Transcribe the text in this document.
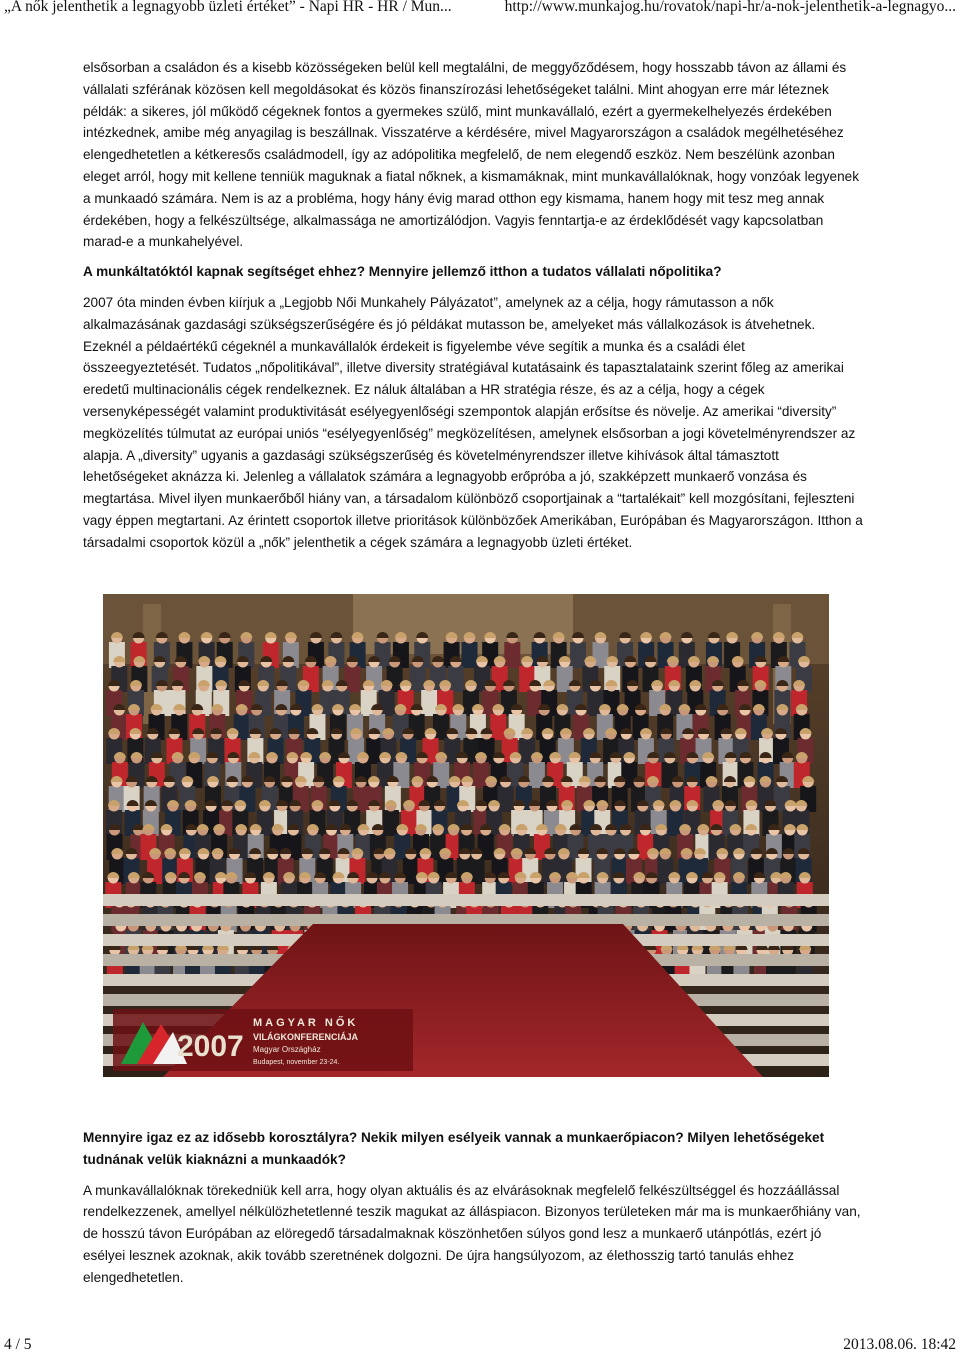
„A nők jelenthetik a legnagyobb üzleti értéket” - Napi HR - HR / Mun...	http://www.munkajog.hu/rovatok/napi-hr/a-nok-jelenthetik-a-legnagyo...

elsősorban a családon és a kisebb közösségeken belül kell megtalálni, de meggyőződésem, hogy hosszabb távon az állami és vállalati szférának közösen kell megoldásokat és közös finanszírozási lehetőségeket találni. Mint ahogyan erre már léteznek példák: a sikeres, jól működő cégeknek fontos a gyermekes szülő, mint munkavállaló, ezért a gyermekelhelyezés érdekében intézkednek, amibe még anyagilag is beszállnak. Visszatérve a kérdésére, mivel Magyarországon a családok megélhetéséhez elengedhetetlen a kétkeresős családmodell, így az adópolitika megfelelő, de nem elegendő eszköz. Nem beszélünk azonban eleget arról, hogy mit kellene tenniük maguknak a fiatal nőknek, a kismamáknak, mint munkavállalóknak, hogy vonzóak legyenek a munkaadó számára. Nem is az a probléma, hogy hány évig marad otthon egy kismama, hanem hogy mit tesz meg annak érdekében, hogy a felkészültsége, alkalmassága ne amortizálódjon. Vagyis fenntartja-e az érdeklődését vagy kapcsolatban marad-e a munkahelyével.

A munkáltatóktól kapnak segítséget ehhez? Mennyire jellemző itthon a tudatos vállalati nőpolitika?

2007 óta minden évben kiírjuk a „Legjobb Női Munkahely Pályázatot”, amelynek az a célja, hogy rámutasson a nők alkalmazásának gazdasági szükségszerűségére és jó példákat mutasson be, amelyeket más vállalkozások is átvehetnek. Ezeknél a példaértékű cégeknél a munkavállalók érdekeit is figyelembe véve segítik a munka és a családi élet összeegyeztetését. Tudatos „nőpolitikával”, illetve diversity stratégiával kutatásaink és tapasztalataink szerint főleg az amerikai eredetű multinacionális cégek rendelkeznek. Ez náluk általában a HR stratégia része, és az a célja, hogy a cégek versenyképességét valamint produktivitását esélyegyenlőségi szempontok alapján erősítse és növelje. Az amerikai “diversity” megközelítés túlmutat az európai uniós “esélyegyenlőség” megközelítésen, amelynek elsősorban a jogi követelményrendszer az alapja. A „diversity” ugyanis a gazdasági szükségszerűség és követelményrendszer illetve kihívások által támasztott lehetőségeket aknázza ki. Jelenleg a vállalatok számára a legnagyobb erőpróba a jó, szakképzett munkaerő vonzása és megtartása. Mivel ilyen munkaerőből hiány van, a társadalom különböző csoportjainak a “tartalékait” kell mozgósítani, fejleszteni vagy éppen megtartani. Az érintett csoportok illetve prioritások különbözőek Amerikában, Európában és Magyarországon. Itthon a társadalmi csoportok közül a „nők” jelenthetik a cégek számára a legnagyobb üzleti értéket.

2007
MAGYAR NŐK
VILÁGKONFERENCIÁJA
Magyar Országház
Budapest, november 23-24.

Mennyire igaz ez az idősebb korosztályra? Nekik milyen esélyeik vannak a munkaerőpiacon? Milyen lehetőségeket tudnának velük kiaknázni a munkaadók?

A munkavállalóknak törekedniük kell arra, hogy olyan aktuális és az elvárásoknak megfelelő felkészültséggel és hozzáállással rendelkezzenek, amellyel nélkülözhetetlenné teszik magukat az álláspiacon. Bizonyos területeken már ma is munkaerőhiány van, de hosszú távon Európában az elöregedő társadalmaknak köszönhetően súlyos gond lesz a munkaerő utánpótlás, ezért jó esélyei lesznek azoknak, akik tovább szeretnének dolgozni. De újra hangsúlyozom, az élethosszig tartó tanulás ehhez elengedhetetlen.

4 / 5	2013.08.06. 18:42
